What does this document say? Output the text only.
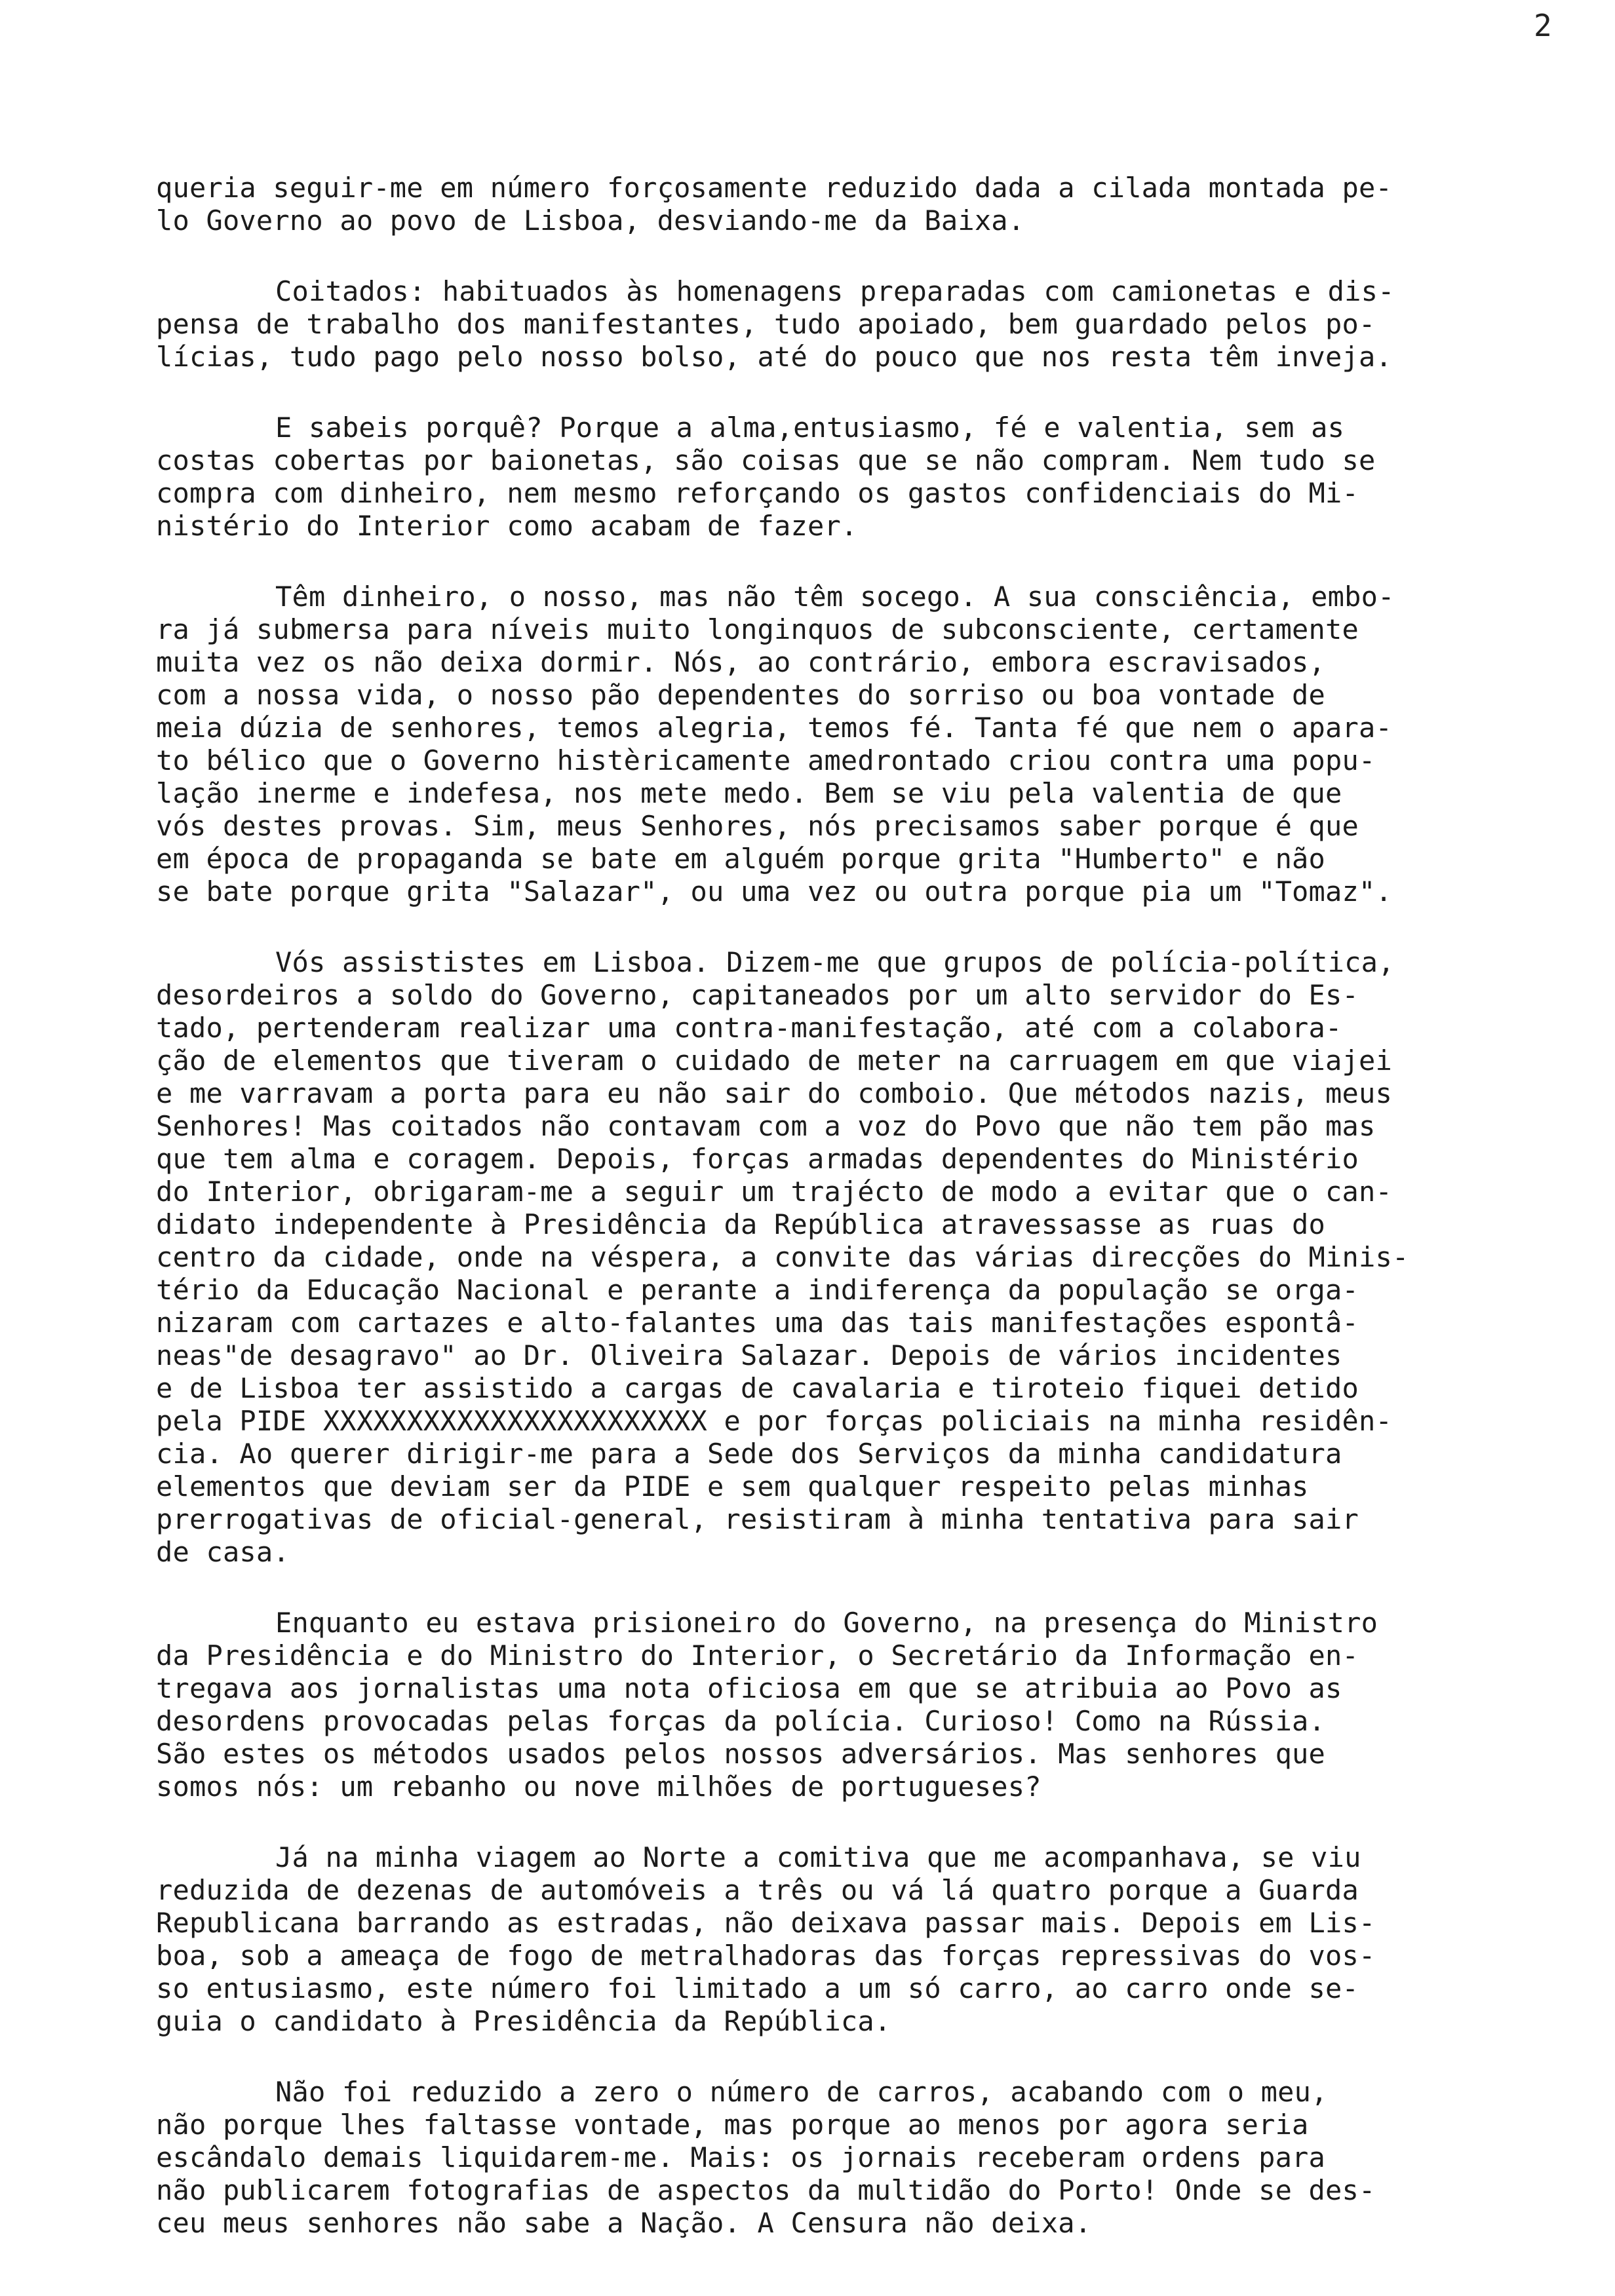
2
queria seguir-me em número forçosamente reduzido dada a cilada montada pe-
lo Governo ao povo de Lisboa, desviando-me da Baixa.
Coitados: habituados às homenagens preparadas com camionetas e dis-
pensa de trabalho dos manifestantes, tudo apoiado, bem guardado pelos po-
lícias, tudo pago pelo nosso bolso, até do pouco que nos resta têm inveja.
E sabeis porquê? Porque a alma,entusiasmo, fé e valentia, sem as
costas cobertas por baionetas, são coisas que se não compram. Nem tudo se
compra com dinheiro, nem mesmo reforçando os gastos confidenciais do Mi-
nistério do Interior como acabam de fazer.
Têm dinheiro, o nosso, mas não têm socego. A sua consciência, embo-
ra já submersa para níveis muito longinquos de subconsciente, certamente
muita vez os não deixa dormir. Nós, ao contrário, embora escravisados,
com a nossa vida, o nosso pão dependentes do sorriso ou boa vontade de
meia dúzia de senhores, temos alegria, temos fé. Tanta fé que nem o apara-
to bélico que o Governo histèricamente amedrontado criou contra uma popu-
lação inerme e indefesa, nos mete medo. Bem se viu pela valentia de que
vós destes provas. Sim, meus Senhores, nós precisamos saber porque é que
em época de propaganda se bate em alguém porque grita "Humberto" e não
se bate porque grita "Salazar", ou uma vez ou outra porque pia um "Tomaz".
Vós assististes em Lisboa. Dizem-me que grupos de polícia-política,
desordeiros a soldo do Governo, capitaneados por um alto servidor do Es-
tado, pertenderam realizar uma contra-manifestação, até com a colabora-
ção de elementos que tiveram o cuidado de meter na carruagem em que viajei
e me varravam a porta para eu não sair do comboio. Que métodos nazis, meus
Senhores! Mas coitados não contavam com a voz do Povo que não tem pão mas
que tem alma e coragem. Depois, forças armadas dependentes do Ministério
do Interior, obrigaram-me a seguir um trajécto de modo a evitar que o can-
didato independente à Presidência da República atravessasse as ruas do
centro da cidade, onde na véspera, a convite das várias direcções do Minis-
tério da Educação Nacional e perante a indiferença da população se orga-
nizaram com cartazes e alto-falantes uma das tais manifestações espontâ-
neas"de desagravo" ao Dr. Oliveira Salazar. Depois de vários incidentes
e de Lisboa ter assistido a cargas de cavalaria e tiroteio fiquei detido
pela PIDE XXXXXXXXXXXXXXXXXXXXXXX e por forças policiais na minha residên-
cia. Ao querer dirigir-me para a Sede dos Serviços da minha candidatura
elementos que deviam ser da PIDE e sem qualquer respeito pelas minhas
prerrogativas de oficial-general, resistiram à minha tentativa para sair
de casa.
Enquanto eu estava prisioneiro do Governo, na presença do Ministro
da Presidência e do Ministro do Interior, o Secretário da Informação en-
tregava aos jornalistas uma nota oficiosa em que se atribuia ao Povo as
desordens provocadas pelas forças da polícia. Curioso! Como na Rússia.
São estes os métodos usados pelos nossos adversários. Mas senhores que
somos nós: um rebanho ou nove milhões de portugueses?
Já na minha viagem ao Norte a comitiva que me acompanhava, se viu
reduzida de dezenas de automóveis a três ou vá lá quatro porque a Guarda
Republicana barrando as estradas, não deixava passar mais. Depois em Lis-
boa, sob a ameaça de fogo de metralhadoras das forças repressivas do vos-
so entusiasmo, este número foi limitado a um só carro, ao carro onde se-
guia o candidato à Presidência da República.
Não foi reduzido a zero o número de carros, acabando com o meu,
não porque lhes faltasse vontade, mas porque ao menos por agora seria
escândalo demais liquidarem-me. Mais: os jornais receberam ordens para
não publicarem fotografias de aspectos da multidão do Porto! Onde se des-
ceu meus senhores não sabe a Nação. A Censura não deixa.
